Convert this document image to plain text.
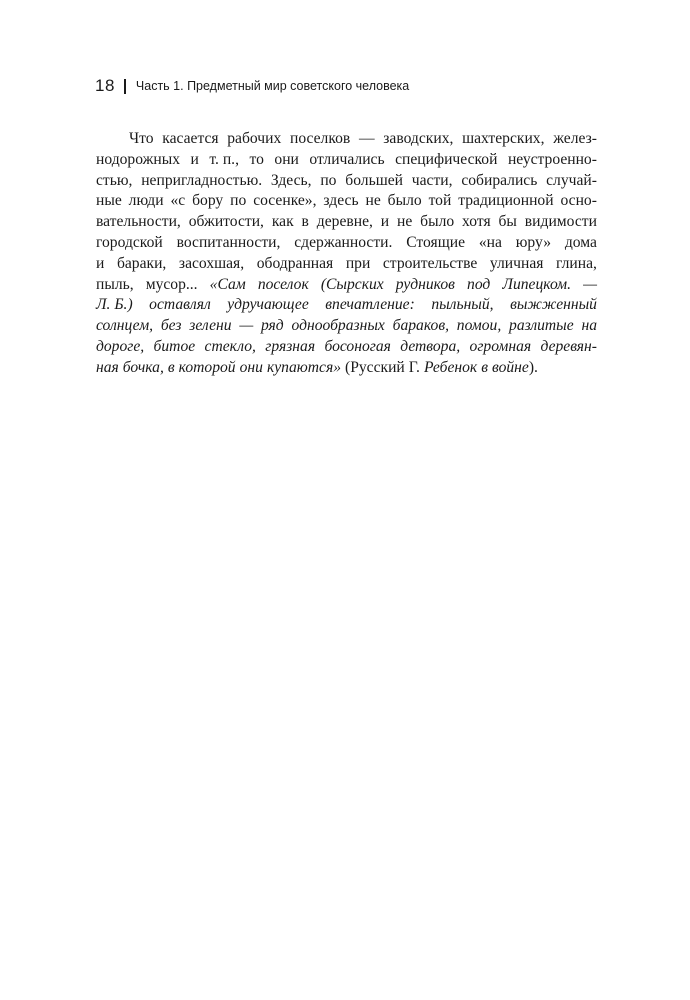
18 Часть 1. Предметный мир советского человека
Что касается рабочих поселков — заводских, шахтерских, желез-
нодорожных и т. п., то они отличались специфической неустроенно-
стью, непригладностью. Здесь, по большей части, собирались случай-
ные люди «с бору по сосенке», здесь не было той традиционной осно-
вательности, обжитости, как в деревне, и не было хотя бы видимости
городской воспитанности, сдержанности. Стоящие «на юру» дома
и бараки, засохшая, ободранная при строительстве уличная глина,
пыль, мусор... «Сам поселок (Сырских рудников под Липецком. —
Л. Б.) оставлял удручающее впечатление: пыльный, выжженный
солнцем, без зелени — ряд однообразных бараков, помои, разлитые на
дороге, битое стекло, грязная босоногая детвора, огромная деревян-
ная бочка, в которой они купаются» (Русский Г. Ребенок в войне ).
